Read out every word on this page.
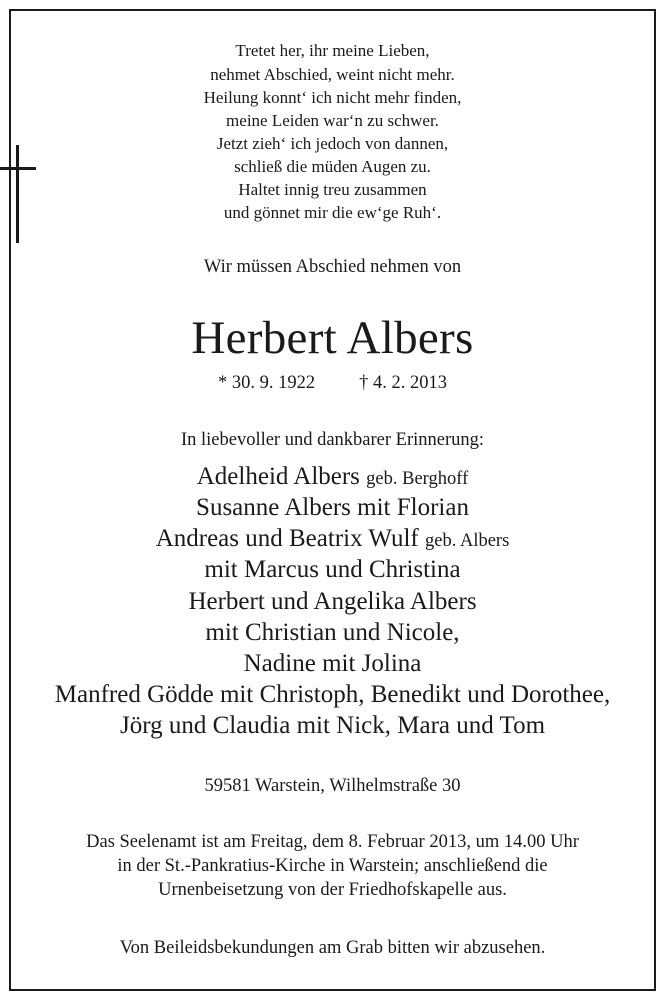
Tretet her, ihr meine Lieben,
nehmet Abschied, weint nicht mehr.
Heilung konnt‘ ich nicht mehr finden,
meine Leiden war‘n zu schwer.
Jetzt zieh‘ ich jedoch von dannen,
schließ die müden Augen zu.
Haltet innig treu zusammen
und gönnet mir die ew‘ge Ruh‘.
Wir müssen Abschied nehmen von
Herbert Albers
* 30. 9. 1922 † 4. 2. 2013
In liebevoller und dankbarer Erinnerung:
Adelheid Albers geb. Berghoff
Susanne Albers mit Florian
Andreas und Beatrix Wulf geb. Albers
mit Marcus und Christina
Herbert und Angelika Albers
mit Christian und Nicole,
Nadine mit Jolina
Manfred Gödde mit Christoph, Benedikt und Dorothee,
Jörg und Claudia mit Nick, Mara und Tom
59581 Warstein, Wilhelmstraße 30
Das Seelenamt ist am Freitag, dem 8. Februar 2013, um 14.00 Uhr
in der St.-Pankratius-Kirche in Warstein; anschließend die
Urnenbeisetzung von der Friedhofskapelle aus.
Von Beileidsbekundungen am Grab bitten wir abzusehen.
